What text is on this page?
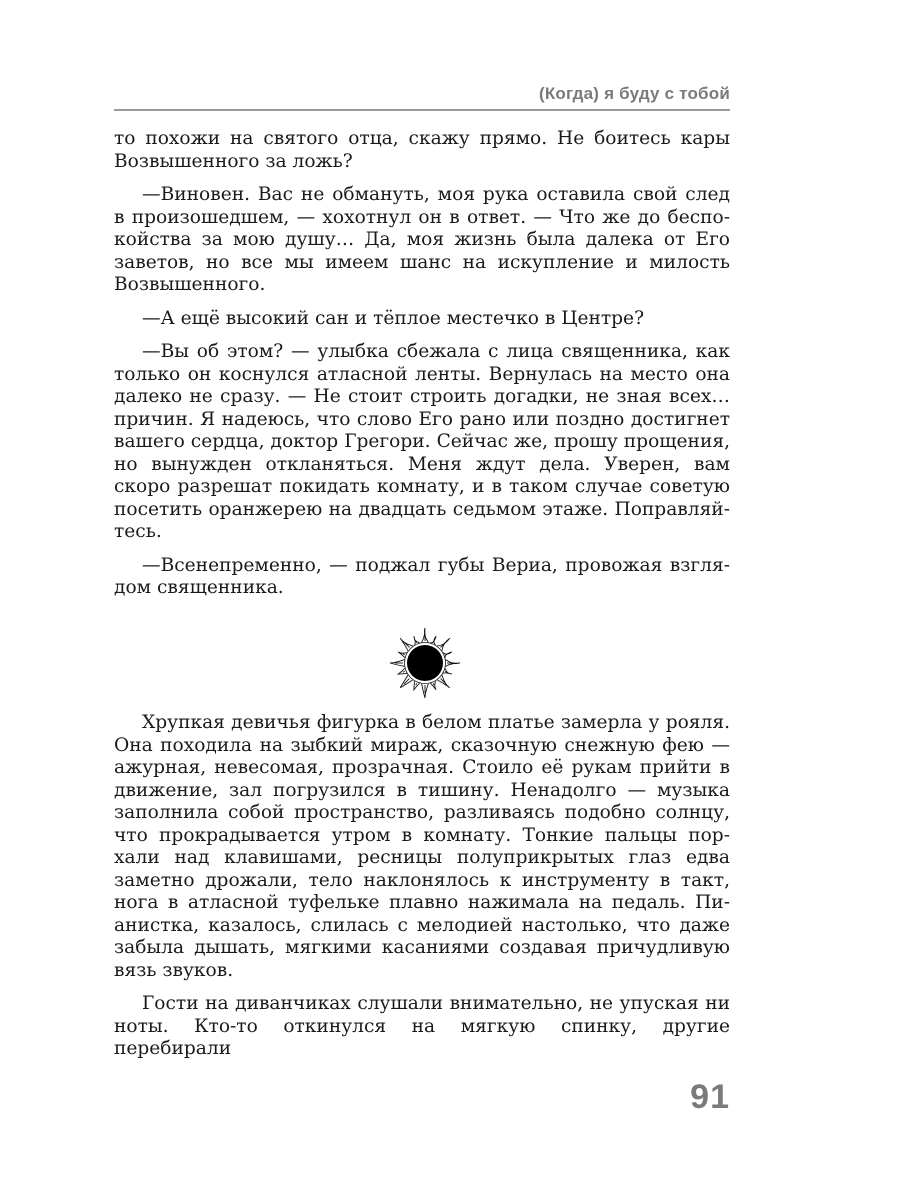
(Когда) я буду с тобой

то похожи на святого отца, скажу прямо. Не боитесь кары Возвышенного за ложь?

—Виновен. Вас не обмануть, моя рука оставила свой след в произошедшем, — хохотнул он в ответ. — Что же до беспокойства за мою душу… Да, моя жизнь была далека от Его заветов, но все мы имеем шанс на искупление и милость Возвышенного.

—А ещё высокий сан и тёплое местечко в Центре?

—Вы об этом? — улыбка сбежала с лица священника, как только он коснулся атласной ленты. Вернулась на место она далеко не сразу. — Не стоит строить догадки, не зная всех… причин. Я надеюсь, что слово Его рано или поздно достигнет вашего сердца, доктор Грегори. Сейчас же, прошу прощения, но вынужден откланяться. Меня ждут дела. Уверен, вам скоро разрешат покидать комнату, и в таком случае советую посетить оранжерею на двадцать седьмом этаже. Поправляйтесь.

—Всенепременно, — поджал губы Вериа, провожая взглядом священника.

Хрупкая девичья фигурка в белом платье замерла у рояля. Она походила на зыбкий мираж, сказочную снежную фею — ажурная, невесомая, прозрачная. Стоило её рукам прийти в движение, зал погрузился в тишину. Ненадолго — музыка заполнила собой пространство, разливаясь подобно солнцу, что прокрадывается утром в комнату. Тонкие пальцы порхали над клавишами, ресницы полуприкрытых глаз едва заметно дрожали, тело наклонялось к инструменту в такт, нога в атласной туфельке плавно нажимала на педаль. Пианистка, казалось, слилась с мелодией настолько, что даже забыла дышать, мягкими касаниями создавая причудливую вязь звуков.

Гости на диванчиках слушали внимательно, не упуская ни ноты. Кто-то откинулся на мягкую спинку, другие перебирали

91
